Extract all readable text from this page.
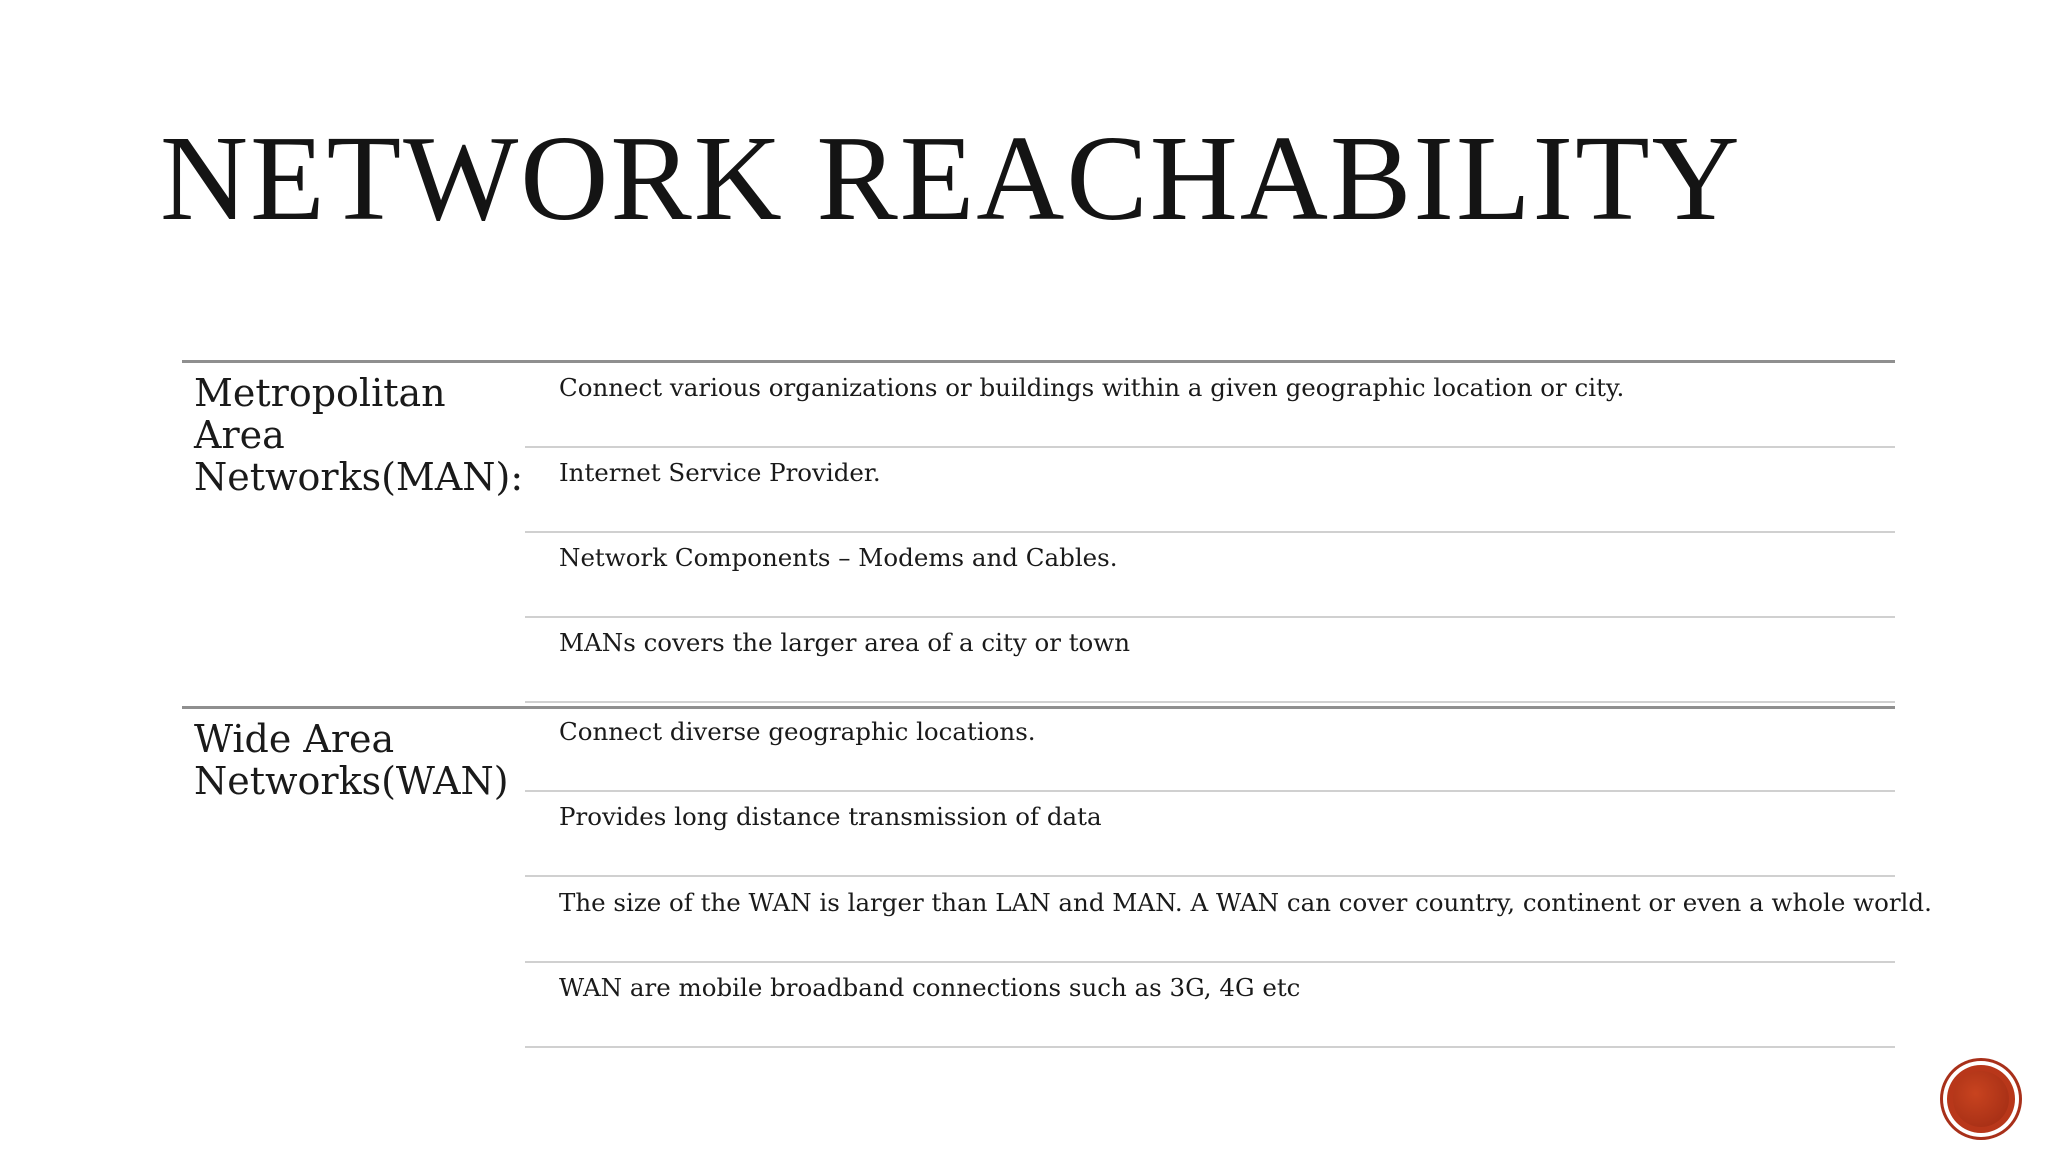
NETWORK REACHABILITY

Metropolitan
Area
Networks(MAN):

Connect various organizations or buildings within a given geographic location or city.

Internet Service Provider.

Network Components – Modems and Cables.

MANs covers the larger area of a city or town

Wide Area
Networks(WAN)

Connect diverse geographic locations.

Provides long distance transmission of data

The size of the WAN is larger than LAN and MAN. A WAN can cover country, continent or even a whole world.

WAN are mobile broadband connections such as 3G, 4G etc
